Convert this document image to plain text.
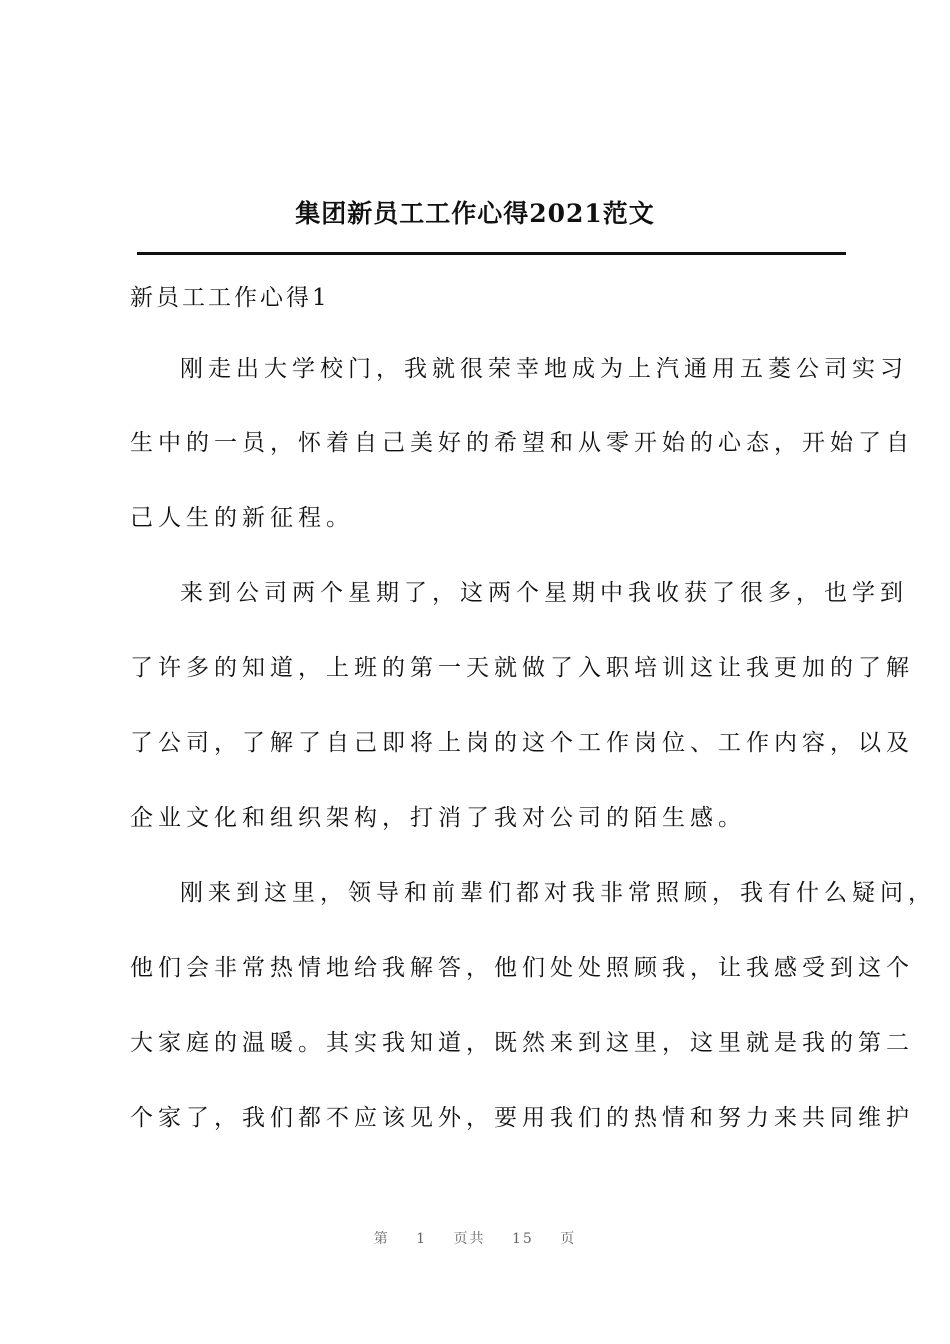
集团新员工工作心得2021范文
新员工工作心得1
刚走出大学校门，我就很荣幸地成为上汽通用五菱公司实习
生中的一员，怀着自己美好的希望和从零开始的心态，开始了自
己人生的新征程。
来到公司两个星期了，这两个星期中我收获了很多，也学到
了许多的知道，上班的第一天就做了入职培训这让我更加的了解
了公司，了解了自己即将上岗的这个工作岗位、工作内容，以及
企业文化和组织架构，打消了我对公司的陌生感。
刚来到这里，领导和前辈们都对我非常照顾，我有什么疑问，
他们会非常热情地给我解答，他们处处照顾我，让我感受到这个
大家庭的温暖。其实我知道，既然来到这里，这里就是我的第二
个家了，我们都不应该见外，要用我们的热情和努力来共同维护
第 1 页共 15 页
